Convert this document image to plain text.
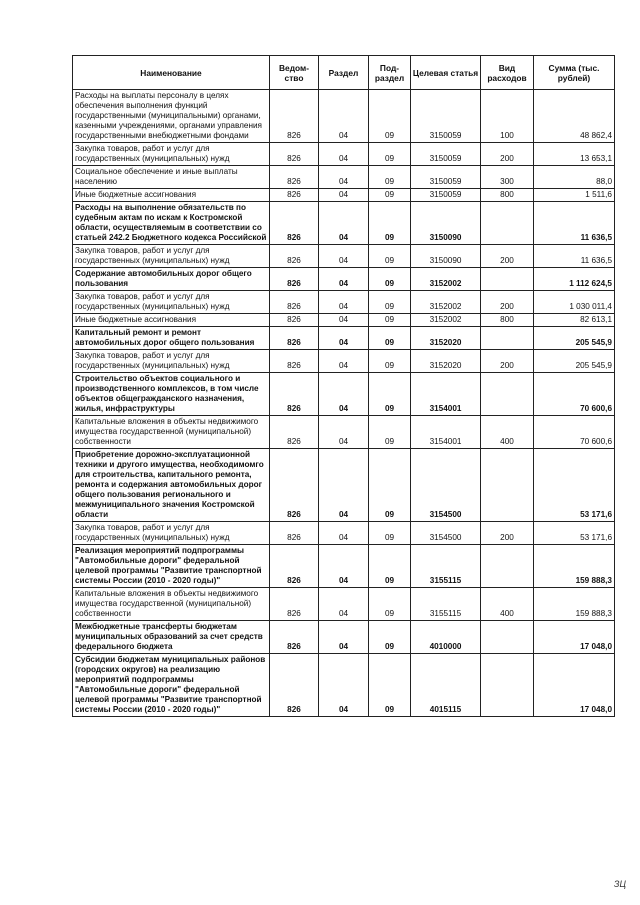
Наименование	Ведом-ство	Раздел	Под-раздел	Целевая статья	Вид расходов	Сумма (тыс. рублей)
Расходы на выплаты персоналу в целях обеспечения выполнения функций государственными (муниципальными) органами, казенными учреждениями, органами управления государственными внебюджетными фондами	826	04	09	3150059	100	48 862,4
Закупка товаров, работ и услуг для государственных (муниципальных) нужд	826	04	09	3150059	200	13 653,1
Социальное обеспечение и иные выплаты населению	826	04	09	3150059	300	88,0
Иные бюджетные ассигнования	826	04	09	3150059	800	1 511,6
Расходы на выполнение обязательств по судебным актам по искам к Костромской области, осуществляемым в соответствии со статьей 242.2 Бюджетного кодекса Российской	826	04	09	3150090		11 636,5
Закупка товаров, работ и услуг для государственных (муниципальных) нужд	826	04	09	3150090	200	11 636,5
Содержание автомобильных дорог общего пользования	826	04	09	3152002		1 112 624,5
Закупка товаров, работ и услуг для государственных (муниципальных) нужд	826	04	09	3152002	200	1 030 011,4
Иные бюджетные ассигнования	826	04	09	3152002	800	82 613,1
Капитальный ремонт и ремонт автомобильных дорог общего пользования	826	04	09	3152020		205 545,9
Закупка товаров, работ и услуг для государственных (муниципальных) нужд	826	04	09	3152020	200	205 545,9
Строительство объектов социального и производственного комплексов, в том числе объектов общегражданского назначения, жилья, инфраструктуры	826	04	09	3154001		70 600,6
Капитальные вложения в объекты недвижимого имущества государственной (муниципальной) собственности	826	04	09	3154001	400	70 600,6
Приобретение дорожно-эксплуатационной техники и другого имущества, необходимомго для строительства, капитального ремонта, ремонта и содержания автомобильных дорог общего пользования регионального и межмуниципального значения Костромской области	826	04	09	3154500		53 171,6
Закупка товаров, работ и услуг для государственных (муниципальных) нужд	826	04	09	3154500	200	53 171,6
Реализация мероприятий подпрограммы "Автомобильные дороги" федеральной целевой программы "Развитие транспортной системы России (2010 - 2020 годы)"	826	04	09	3155115		159 888,3
Капитальные вложения в объекты недвижимого имущества государственной (муниципальной) собственности	826	04	09	3155115	400	159 888,3
Межбюджетные трансферты бюджетам муниципальных образований за счет средств федерального бюджета	826	04	09	4010000		17 048,0
Субсидии бюджетам муниципальных районов (городских округов) на реализацию мероприятий подпрограммы "Автомобильные дороги" федеральной целевой программы "Развитие транспортной системы России (2010 - 2020 годы)"	826	04	09	4015115		17 048,0
ЗЦ
